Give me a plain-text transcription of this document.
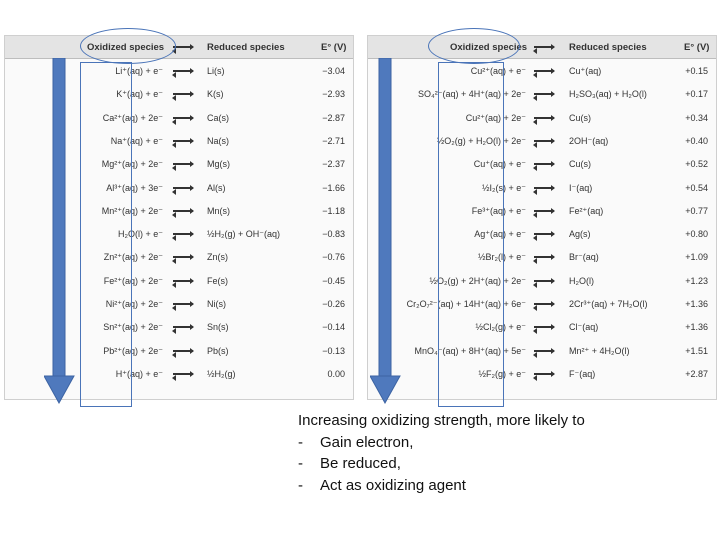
Oxidized species	Reduced species	E° (V)
Li⁺(aq) + e⁻	Li(s)	−3.04
K⁺(aq) + e⁻	K(s)	−2.93
Ca²⁺(aq) + 2e⁻	Ca(s)	−2.87
Na⁺(aq) + e⁻	Na(s)	−2.71
Mg²⁺(aq) + 2e⁻	Mg(s)	−2.37
Al³⁺(aq) + 3e⁻	Al(s)	−1.66
Mn²⁺(aq) + 2e⁻	Mn(s)	−1.18
H₂O(l) + e⁻	½H₂(g) + OH⁻(aq)	−0.83
Zn²⁺(aq) + 2e⁻	Zn(s)	−0.76
Fe²⁺(aq) + 2e⁻	Fe(s)	−0.45
Ni²⁺(aq) + 2e⁻	Ni(s)	−0.26
Sn²⁺(aq) + 2e⁻	Sn(s)	−0.14
Pb²⁺(aq) + 2e⁻	Pb(s)	−0.13
H⁺(aq) + e⁻	½H₂(g)	0.00
Oxidized species	Reduced species	E° (V)
Cu²⁺(aq) + e⁻	Cu⁺(aq)	+0.15
SO₄²⁻(aq) + 4H⁺(aq) + 2e⁻	H₂SO₃(aq) + H₂O(l)	+0.17
Cu²⁺(aq) + 2e⁻	Cu(s)	+0.34
½O₂(g) + H₂O(l) + 2e⁻	2OH⁻(aq)	+0.40
Cu⁺(aq) + e⁻	Cu(s)	+0.52
½I₂(s) + e⁻	I⁻(aq)	+0.54
Fe³⁺(aq) + e⁻	Fe²⁺(aq)	+0.77
Ag⁺(aq) + e⁻	Ag(s)	+0.80
½Br₂(l) + e⁻	Br⁻(aq)	+1.09
½O₂(g) + 2H⁺(aq) + 2e⁻	H₂O(l)	+1.23
Cr₂O₇²⁻(aq) + 14H⁺(aq) + 6e⁻	2Cr³⁺(aq) + 7H₂O(l)	+1.36
½Cl₂(g) + e⁻	Cl⁻(aq)	+1.36
MnO₄⁻(aq) + 8H⁺(aq) + 5e⁻	Mn²⁺ + 4H₂O(l)	+1.51
½F₂(g) + e⁻	F⁻(aq)	+2.87
Increasing oxidizing strength, more likely to
- Gain electron,
- Be reduced,
- Act as oxidizing agent
